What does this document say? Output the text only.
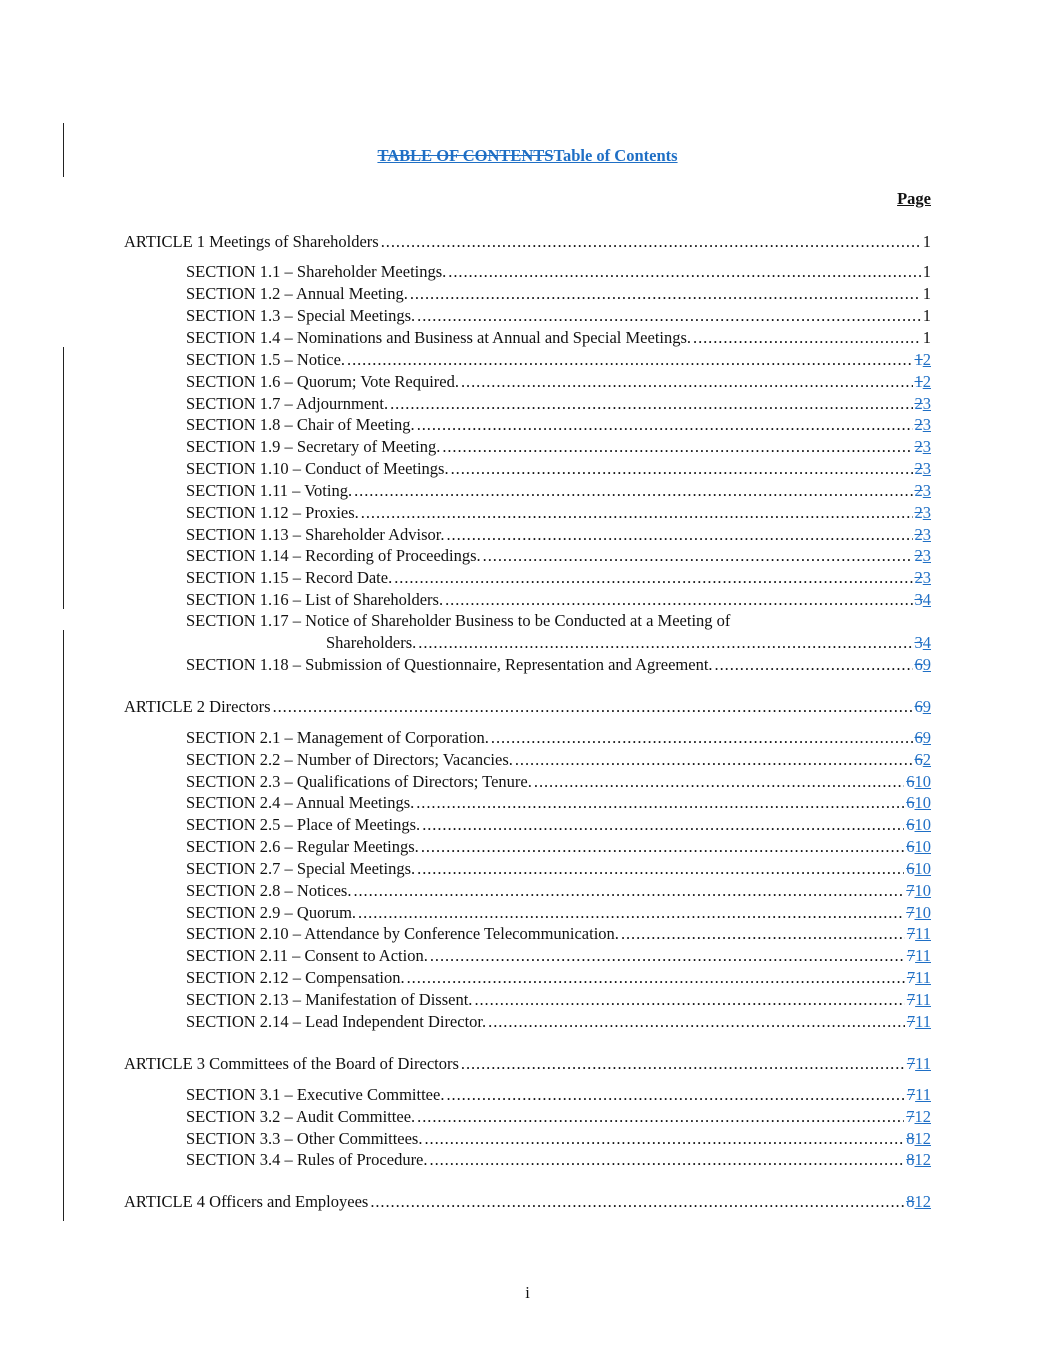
TABLE OF CONTENTSTable of Contents
Page
ARTICLE 1 Meetings of Shareholders . . .	1
SECTION 1.1 – Shareholder Meetings. . . .	1
SECTION 1.2 – Annual Meeting. . . .	1
SECTION 1.3 – Special Meetings. . . .	1
SECTION 1.4 – Nominations and Business at Annual and Special Meetings. . . .	1
SECTION 1.5 – Notice. . . .	12
SECTION 1.6 – Quorum; Vote Required. . . .	12
SECTION 1.7 – Adjournment. . . .	23
SECTION 1.8 – Chair of Meeting. . . .	23
SECTION 1.9 – Secretary of Meeting. . . .	23
SECTION 1.10 – Conduct of Meetings. . . .	23
SECTION 1.11 – Voting. . . .	23
SECTION 1.12 – Proxies. . . .	23
SECTION 1.13 – Shareholder Advisor. . . .	23
SECTION 1.14 – Recording of Proceedings. . . .	23
SECTION 1.15 – Record Date. . . .	23
SECTION 1.16 – List of Shareholders. . . .	34
SECTION 1.17 – Notice of Shareholder Business to be Conducted at a Meeting of
Shareholders. . . .	34
SECTION 1.18 – Submission of Questionnaire, Representation and Agreement. . . .	69
ARTICLE 2 Directors . . .	69
SECTION 2.1 – Management of Corporation. . . .	69
SECTION 2.2 – Number of Directors; Vacancies. . . .	62
SECTION 2.3 – Qualifications of Directors; Tenure. . . .	610
SECTION 2.4 – Annual Meetings. . . .	610
SECTION 2.5 – Place of Meetings. . . .	610
SECTION 2.6 – Regular Meetings. . . .	610
SECTION 2.7 – Special Meetings. . . .	610
SECTION 2.8 – Notices. . . .	710
SECTION 2.9 – Quorum. . . .	710
SECTION 2.10 – Attendance by Conference Telecommunication. . . .	711
SECTION 2.11 – Consent to Action. . . .	711
SECTION 2.12 – Compensation. . . .	711
SECTION 2.13 – Manifestation of Dissent. . . .	711
SECTION 2.14 – Lead Independent Director. . . .	711
ARTICLE 3 Committees of the Board of Directors . . .	711
SECTION 3.1 – Executive Committee. . . .	711
SECTION 3.2 – Audit Committee. . . .	712
SECTION 3.3 – Other Committees. . . .	812
SECTION 3.4 – Rules of Procedure. . . .	812
ARTICLE 4 Officers and Employees . . .	812
i
